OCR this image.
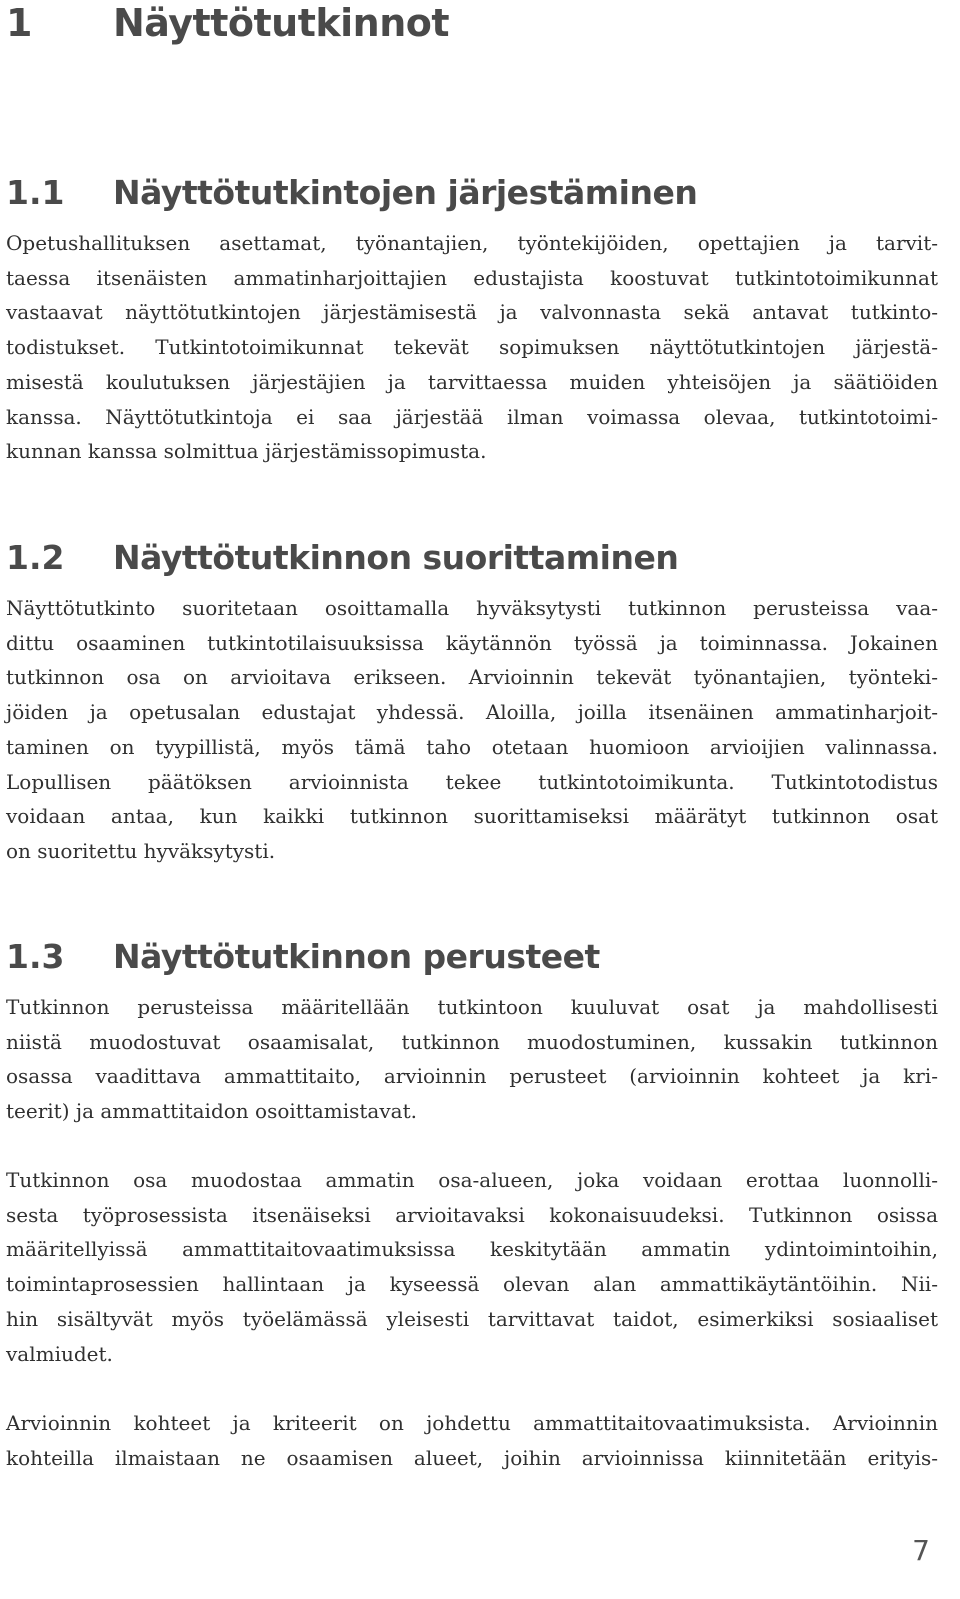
1 Näyttötutkinnot
1.1 Näyttötutkintojen järjestäminen

Opetushallituksen asettamat, työnantajien, työntekijöiden, opettajien ja tarvit-
taessa itsenäisten ammatinharjoittajien edustajista koostuvat tutkintotoimikunnat
vastaavat näyttötutkintojen järjestämisestä ja valvonnasta sekä antavat tutkinto-
todistukset. Tutkintotoimikunnat tekevät sopimuksen näyttötutkintojen järjestä-
misestä koulutuksen järjestäjien ja tarvittaessa muiden yhteisöjen ja säätiöiden
kanssa. Näyttötutkintoja ei saa järjestää ilman voimassa olevaa, tutkintotoimi-
kunnan kanssa solmittua järjestämissopimusta.

1.2 Näyttötutkinnon suorittaminen

Näyttötutkinto suoritetaan osoittamalla hyväksytysti tutkinnon perusteissa vaa-
dittu osaaminen tutkintotilaisuuksissa käytännön työssä ja toiminnassa. Jokainen
tutkinnon osa on arvioitava erikseen. Arvioinnin tekevät työnantajien, työnteki-
jöiden ja opetusalan edustajat yhdessä. Aloilla, joilla itsenäinen ammatinharjoit-
taminen on tyypillistä, myös tämä taho otetaan huomioon arvioijien valinnassa.
Lopullisen päätöksen arvioinnista tekee tutkintotoimikunta. Tutkintotodistus
voidaan antaa, kun kaikki tutkinnon suorittamiseksi määrätyt tutkinnon osat
on suoritettu hyväksytysti.

1.3 Näyttötutkinnon perusteet

Tutkinnon perusteissa määritellään tutkintoon kuuluvat osat ja mahdollisesti
niistä muodostuvat osaamisalat, tutkinnon muodostuminen, kussakin tutkinnon
osassa vaadittava ammattitaito, arvioinnin perusteet (arvioinnin kohteet ja kri-
teerit) ja ammattitaidon osoittamistavat.

Tutkinnon osa muodostaa ammatin osa-alueen, joka voidaan erottaa luonnolli-
sesta työprosessista itsenäiseksi arvioitavaksi kokonaisuudeksi. Tutkinnon osissa
määritellyissä ammattitaitovaatimuksissa keskitytään ammatin ydintoimintoihin,
toimintaprosessien hallintaan ja kyseessä olevan alan ammattikäytäntöihin. Nii-
hin sisältyvät myös työelämässä yleisesti tarvittavat taidot, esimerkiksi sosiaaliset
valmiudet.

Arvioinnin kohteet ja kriteerit on johdettu ammattitaitovaatimuksista. Arvioinnin
kohteilla ilmaistaan ne osaamisen alueet, joihin arvioinnissa kiinnitetään erityis-

7
